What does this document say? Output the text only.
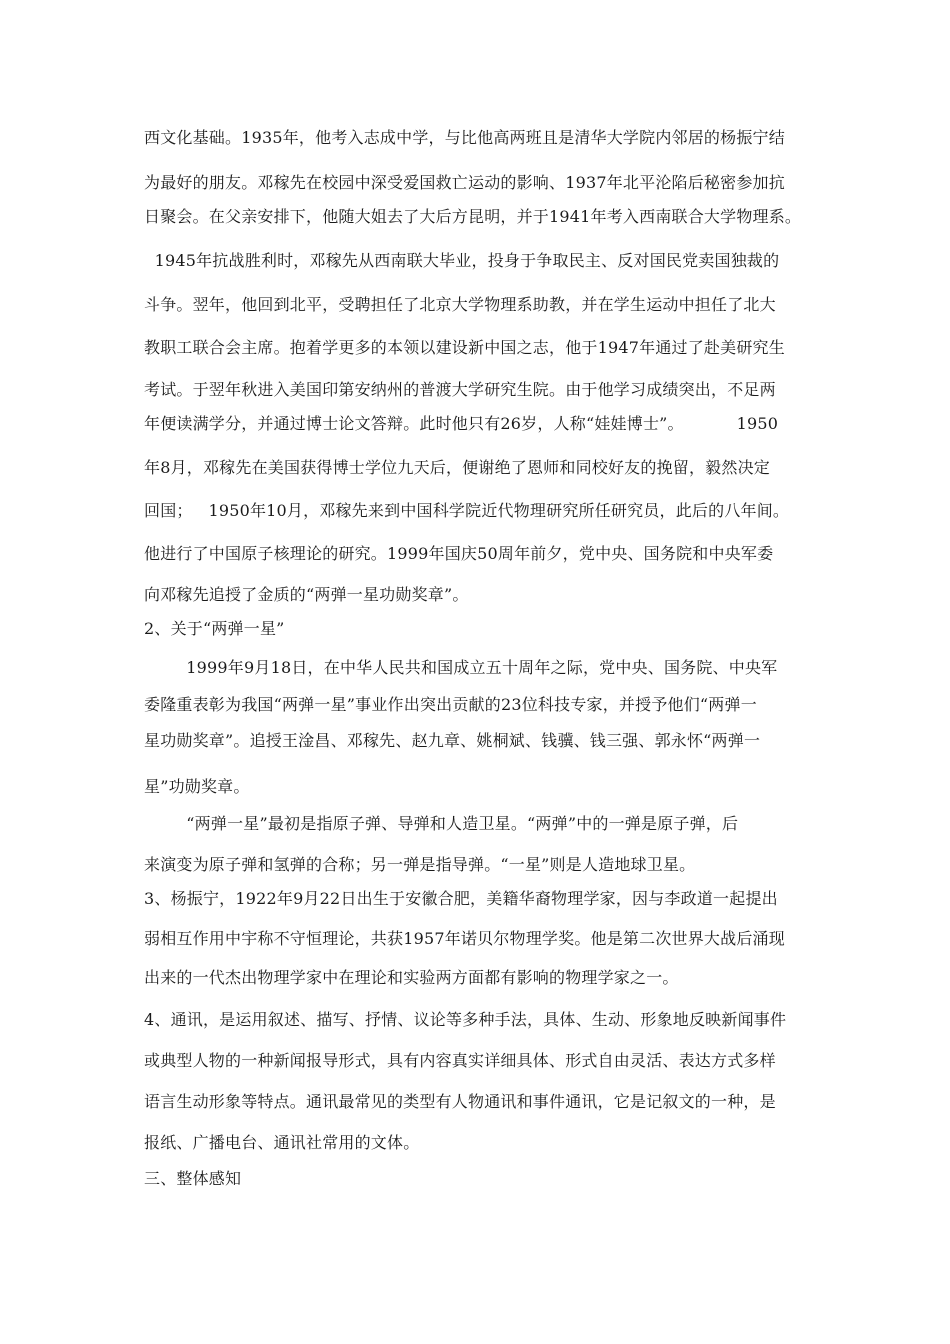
西文化基础。1935年，他考入志成中学，与比他高两班且是清华大学院内邻居的杨振宁结
为最好的朋友。邓稼先在校园中深受爱国救亡运动的影响、1937年北平沦陷后秘密参加抗
日聚会。在父亲安排下，他随大姐去了大后方昆明，并于1941年考入西南联合大学物理系。
1945年抗战胜利时，邓稼先从西南联大毕业，投身于争取民主、反对国民党卖国独裁的
斗争。翌年，他回到北平，受聘担任了北京大学物理系助教，并在学生运动中担任了北大
教职工联合会主席。抱着学更多的本领以建设新中国之志，他于1947年通过了赴美研究生
考试。于翌年秋进入美国印第安纳州的普渡大学研究生院。由于他学习成绩突出，不足两
年便读满学分，并通过博士论文答辩。此时他只有26岁，人称“娃娃博士”。          1950
年8月，邓稼先在美国获得博士学位九天后，便谢绝了恩师和同校好友的挽留，毅然决定
回国；   1950年10月，邓稼先来到中国科学院近代物理研究所任研究员，此后的八年间。
他进行了中国原子核理论的研究。1999年国庆50周年前夕，党中央、国务院和中央军委
向邓稼先追授了金质的“两弹一星功勋奖章”。
2、关于“两弹一星”
1999年9月18日，在中华人民共和国成立五十周年之际，党中央、国务院、中央军
委隆重表彰为我国“两弹一星”事业作出突出贡献的23位科技专家，并授予他们“两弹一
星功勋奖章”。追授王淦昌、邓稼先、赵九章、姚桐斌、钱骥、钱三强、郭永怀“两弹一
星”功勋奖章。
“两弹一星”最初是指原子弹、导弹和人造卫星。“两弹”中的一弹是原子弹，后
来演变为原子弹和氢弹的合称；另一弹是指导弹。“一星”则是人造地球卫星。
3、杨振宁，1922年9月22日出生于安徽合肥，美籍华裔物理学家，因与李政道一起提出
弱相互作用中宇称不守恒理论，共获1957年诺贝尔物理学奖。他是第二次世界大战后涌现
出来的一代杰出物理学家中在理论和实验两方面都有影响的物理学家之一。
4、通讯，是运用叙述、描写、抒情、议论等多种手法，具体、生动、形象地反映新闻事件
或典型人物的一种新闻报导形式，具有内容真实详细具体、形式自由灵活、表达方式多样
语言生动形象等特点。通讯最常见的类型有人物通讯和事件通讯，它是记叙文的一种，是
报纸、广播电台、通讯社常用的文体。
三、整体感知
